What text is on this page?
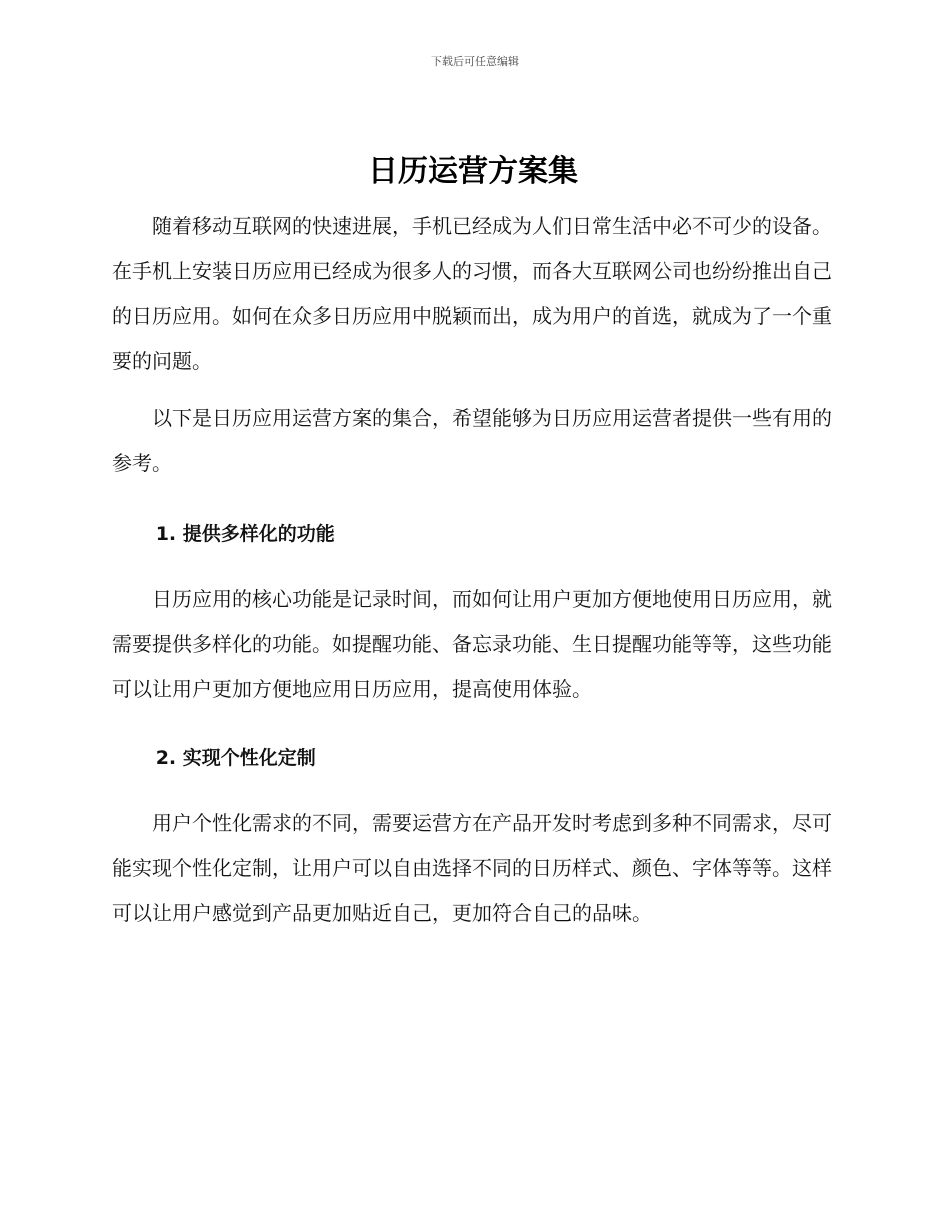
下载后可任意编辑
日历运营方案集

随着移动互联网的快速进展，手机已经成为人们日常生活中必不可少的设备。在手机上安装日历应用已经成为很多人的习惯，而各大互联网公司也纷纷推出自己的日历应用。如何在众多日历应用中脱颖而出，成为用户的首选，就成为了一个重要的问题。

以下是日历应用运营方案的集合，希望能够为日历应用运营者提供一些有用的参考。

1. 提供多样化的功能

日历应用的核心功能是记录时间，而如何让用户更加方便地使用日历应用，就需要提供多样化的功能。如提醒功能、备忘录功能、生日提醒功能等等，这些功能可以让用户更加方便地应用日历应用，提高使用体验。

2. 实现个性化定制

用户个性化需求的不同，需要运营方在产品开发时考虑到多种不同需求，尽可能实现个性化定制，让用户可以自由选择不同的日历样式、颜色、字体等等。这样可以让用户感觉到产品更加贴近自己，更加符合自己的品味。
